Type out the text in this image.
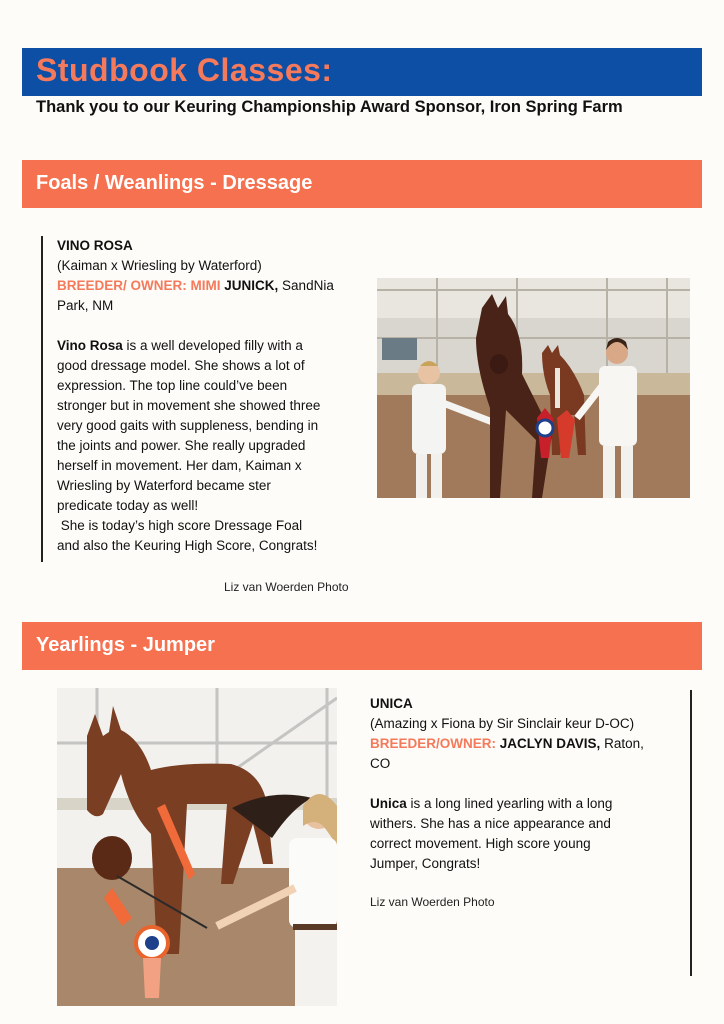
Studbook Classes:
Thank you to our Keuring Championship Award Sponsor, Iron Spring Farm
Foals / Weanlings - Dressage

VINO ROSA

(Kaiman x Wriesling by Waterford)

BREEDER/ OWNER: MIMI JUNICK, SandNia

Park, NM

Vino Rosa is a well developed filly with a

good dressage model. She shows a lot of

expression. The top line could’ve been

stronger but in movement she showed three

very good gaits with suppleness, bending in

the joints and power. She really upgraded

herself in movement. Her dam, Kaiman x

Wriesling by Waterford became ster

predicate today as well!

She is today’s high score Dressage Foal

and also the Keuring High Score, Congrats!

Liz van Woerden Photo
Yearlings - Jumper

UNICA

(Amazing x Fiona by Sir Sinclair keur D-OC)

BREEDER/OWNER: JACLYN DAVIS, Raton,

CO

Unica is a long lined yearling with a long

withers. She has a nice appearance and

correct movement. High score young

Jumper, Congrats!

Liz van Woerden Photo
